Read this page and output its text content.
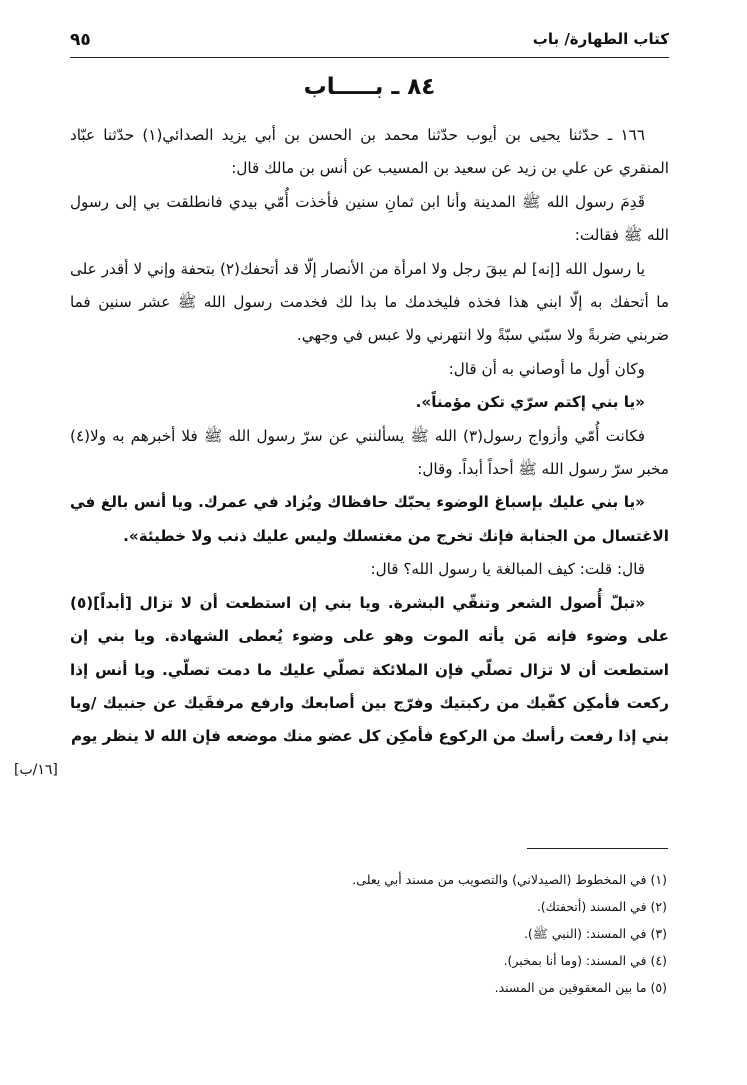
كتاب الطهارة/ باب
٩٥
٨٤ ـ بـــــاب

١٦٦ ـ حدّثنا يحيى بن أيوب حدّثنا محمد بن الحسن بن أبي يزيد الصدائي(١) حدّثنا عبّاد المنقري عن علي بن زيد عن سعيد بن المسيب عن أنس بن مالك قال:

قَدِمَ رسول الله ﷺ المدينة وأنا ابن ثمانِ سنين فأخذت أُمّي بيدي فانطلقت بي إلى رسول الله ﷺ فقالت:

يا رسول الله [إنه] لم يبقَ رجل ولا امرأة من الأنصار إلّا قد أتحفك(٢) بتحفة وإني لا أقدر على ما أتحفك به إلّا ابني هذا فخذه فليخدمك ما بدا لك فخدمت رسول الله ﷺ عشر سنين فما ضربني ضربةً ولا سبّني سبّةً ولا انتهرني ولا عبس في وجهي.

وكان أول ما أوصاني به أن قال:

«يا بني إكتم سرّي تكن مؤمناً».

فكانت أُمّي وأزواج رسول(٣) الله ﷺ يسألنني عن سرّ رسول الله ﷺ فلا أخبرهم به ولا(٤) مخبر سرّ رسول الله ﷺ أحداً أبداً. وقال:

«يا بني عليك بإسباغ الوضوء يحبّك حافظاك ويُزاد في عمرك. ويا أنس بالغ في الاغتسال من الجنابة فإنك تخرج من مغتسلك وليس عليك ذنب ولا خطيئة».

قال: قلت: كيف المبالغة يا رسول الله؟ قال:

«تبلّ أُصول الشعر وتنقّي البشرة. ويا بني إن استطعت أن لا تزال [أبداً](٥) على وضوء فإنه مَن يأته الموت وهو على وضوء يُعطى الشهادة. ويا بني إن استطعت أن لا تزال تصلّي فإن الملائكة تصلّي عليك ما دمت تصلّي. ويا أنس إذا ركعت فأمكِن كفّيك من ركبتيك وفرّج بين أصابعك وارفع مرفقَيك عن جنبيك /ويا بني إذا رفعت رأسك من الركوع فأمكِن كل عضو منك موضعه فإن الله لا ينظر يوم

[١٦/ب]
(١) في المخطوط (الصيدلاني) والتصويب من مسند أبي يعلى.
(٢) في المسند (أتحفتك).
(٣) في المسند: (النبي ﷺ).
(٤) في المسند: (وما أنا بمخبر).
(٥) ما بين المعقوفين من المسند.
